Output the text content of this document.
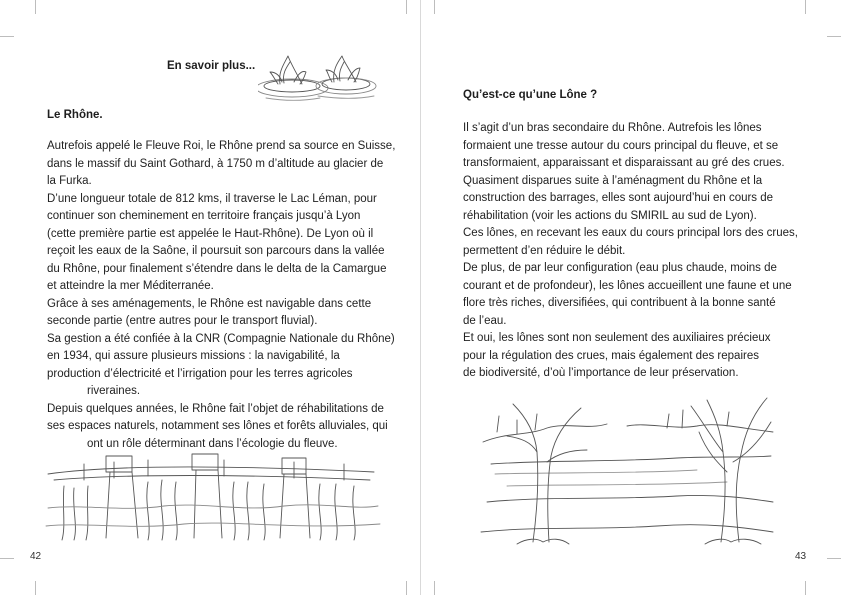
En savoir plus...
Le Rhône.
Autrefois appelé le Fleuve Roi, le Rhône prend sa source en Suisse,
dans le massif du Saint Gothard, à 1750 m d’altitude au glacier de
la Furka.
D’une longueur totale de 812 kms, il traverse le Lac Léman, pour
continuer son cheminement en territoire français jusqu’à Lyon
(cette première partie est appelée le Haut-Rhône). De Lyon où il
reçoit les eaux de la Saône, il poursuit son parcours dans la vallée
du Rhône, pour finalement s’étendre dans le delta de la Camargue
et atteindre la mer Méditerranée.
Grâce à ses aménagements, le Rhône est navigable dans cette
seconde partie (entre autres pour le transport fluvial).
Sa gestion a été confiée à la CNR (Compagnie Nationale du Rhône)
en 1934, qui assure plusieurs missions : la navigabilité, la
production d’électricité et l’irrigation pour les terres agricoles
riveraines.
Depuis quelques années, le Rhône fait l’objet de réhabilitations de
ses espaces naturels, notamment ses lônes et forêts alluviales, qui
ont un rôle déterminant dans l’écologie du fleuve.
42
Qu’est-ce qu’une Lône ?
Il s’agit d’un bras secondaire du Rhône. Autrefois les lônes
formaient une tresse autour du cours principal du fleuve, et se
transformaient, apparaissant et disparaissant au gré des crues.
Quasiment disparues suite à l’aménagment du Rhône et la
construction des barrages, elles sont aujourd’hui en cours de
réhabilitation (voir les actions du SMIRIL au sud de Lyon).
Ces lônes, en recevant les eaux du cours principal lors des crues,
permettent d’en réduire le débit.
De plus, de par leur configuration (eau plus chaude, moins de
courant et de profondeur), les lônes accueillent une faune et une
flore très riches, diversifiées, qui contribuent à la bonne santé
de l’eau.
Et oui, les lônes sont non seulement des auxiliaires précieux
pour la régulation des crues, mais également des repaires
de biodiversité, d’où l’importance de leur préservation.
43
